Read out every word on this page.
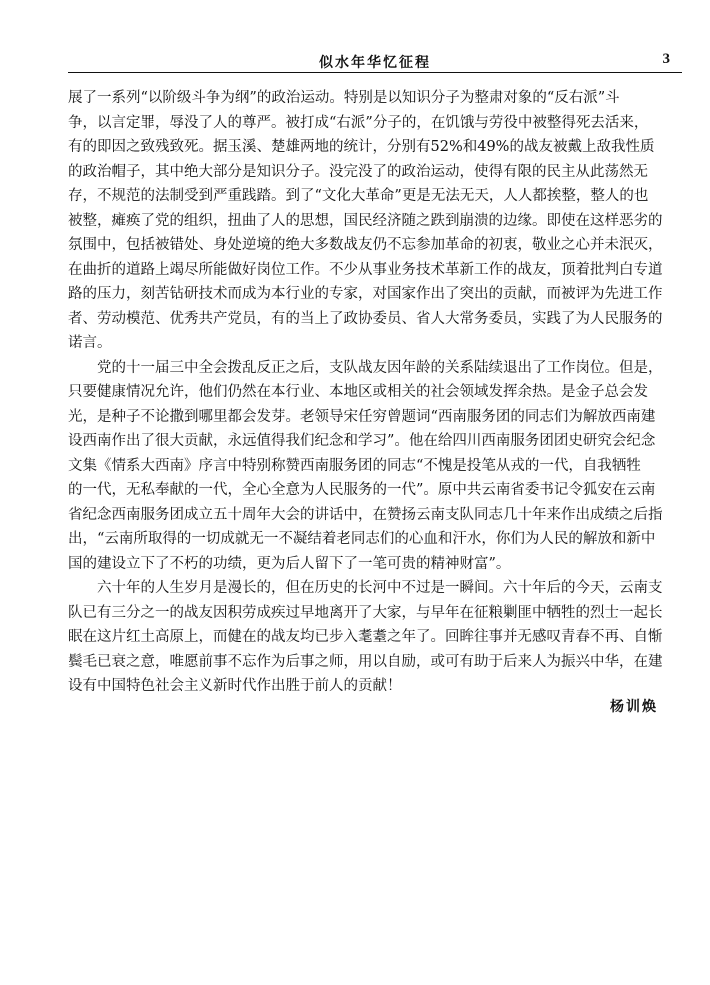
似水年华忆征程	3
展了一系列“以阶级斗争为纲”的政治运动。特别是以知识分子为整肃对象的“反右派”斗
争，以言定罪，辱没了人的尊严。被打成“右派”分子的，在饥饿与劳役中被整得死去活来，
有的即因之致残致死。据玉溪、楚雄两地的统计，分别有52%和49%的战友被戴上敌我性质
的政治帽子，其中绝大部分是知识分子。没完没了的政治运动，使得有限的民主从此荡然无
存，不规范的法制受到严重践踏。到了“文化大革命”更是无法无天，人人都挨整，整人的也
被整，瘫痪了党的组织，扭曲了人的思想，国民经济随之跌到崩溃的边缘。即使在这样恶劣的
氛围中，包括被错处、身处逆境的绝大多数战友仍不忘参加革命的初衷，敬业之心并未泯灭，
在曲折的道路上竭尽所能做好岗位工作。不少从事业务技术革新工作的战友，顶着批判白专道
路的压力，刻苦钻研技术而成为本行业的专家，对国家作出了突出的贡献，而被评为先进工作
者、劳动模范、优秀共产党员，有的当上了政协委员、省人大常务委员，实践了为人民服务的
诺言。
党的十一届三中全会拨乱反正之后，支队战友因年龄的关系陆续退出了工作岗位。但是，
只要健康情况允许，他们仍然在本行业、本地区或相关的社会领域发挥余热。是金子总会发
光，是种子不论撒到哪里都会发芽。老领导宋任穷曾题词“西南服务团的同志们为解放西南建
设西南作出了很大贡献，永远值得我们纪念和学习”。他在给四川西南服务团团史研究会纪念
文集《情系大西南》序言中特别称赞西南服务团的同志“不愧是投笔从戎的一代，自我牺牲
的一代，无私奉献的一代，全心全意为人民服务的一代”。原中共云南省委书记令狐安在云南
省纪念西南服务团成立五十周年大会的讲话中，在赞扬云南支队同志几十年来作出成绩之后指
出，“云南所取得的一切成就无一不凝结着老同志们的心血和汗水，你们为人民的解放和新中
国的建设立下了不朽的功绩，更为后人留下了一笔可贵的精神财富”。
六十年的人生岁月是漫长的，但在历史的长河中不过是一瞬间。六十年后的今天，云南支
队已有三分之一的战友因积劳成疾过早地离开了大家，与早年在征粮剿匪中牺牲的烈士一起长
眠在这片红土高原上，而健在的战友均已步入耄耋之年了。回眸往事并无感叹青春不再、自惭
鬓毛已衰之意，唯愿前事不忘作为后事之师，用以自励，或可有助于后来人为振兴中华，在建
设有中国特色社会主义新时代作出胜于前人的贡献！
杨训焕
